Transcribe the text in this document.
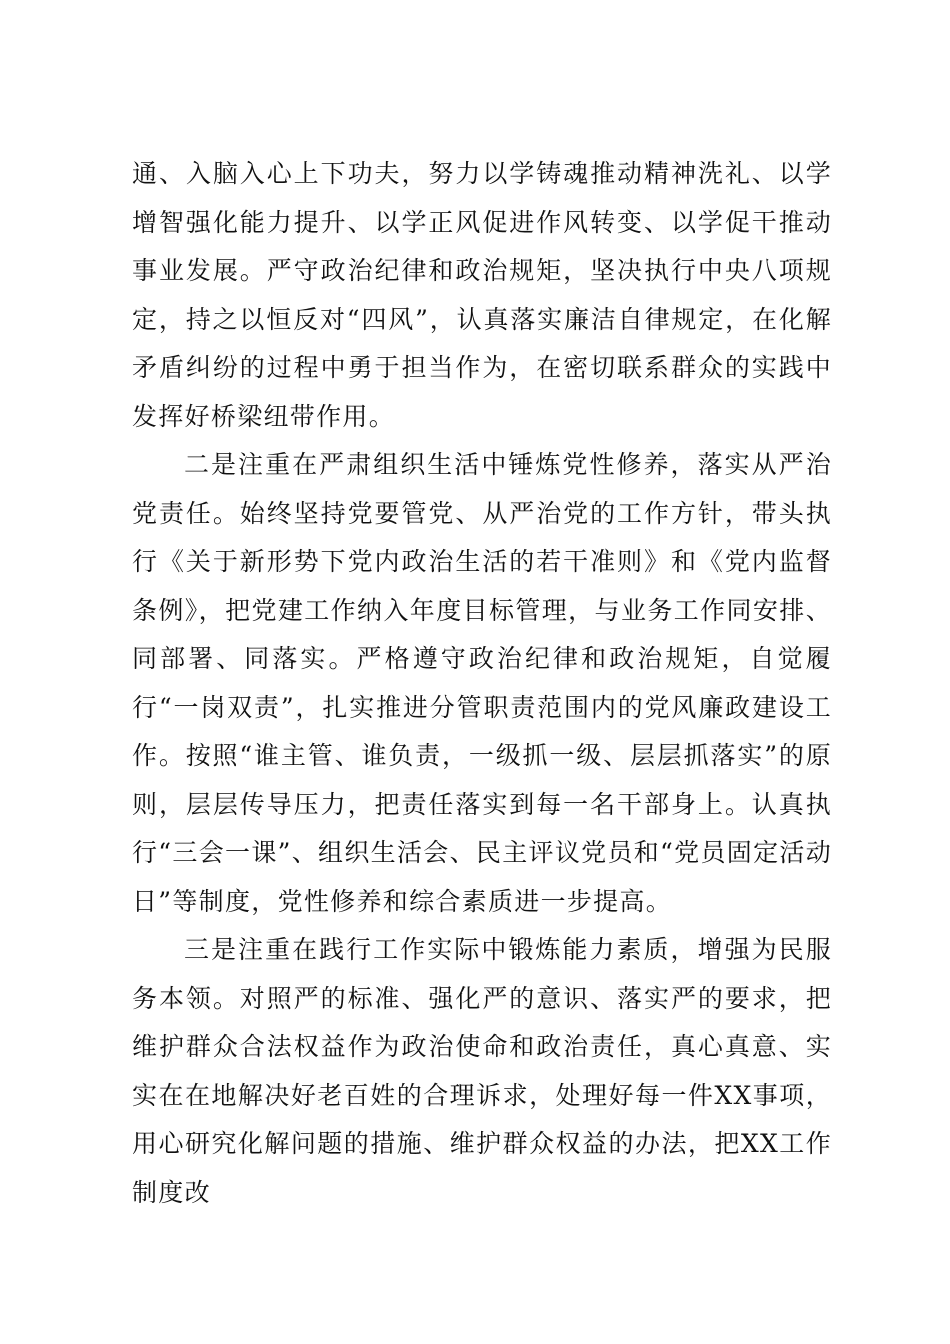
通、入脑入心上下功夫，努力以学铸魂推动精神洗礼、以学增智强化能力提升、以学正风促进作风转变、以学促干推动事业发展。严守政治纪律和政治规矩，坚决执行中央八项规定，持之以恒反对“四风”，认真落实廉洁自律规定，在化解矛盾纠纷的过程中勇于担当作为，在密切联系群众的实践中发挥好桥梁纽带作用。

二是注重在严肃组织生活中锤炼党性修养，落实从严治党责任。始终坚持党要管党、从严治党的工作方针，带头执行《关于新形势下党内政治生活的若干准则》和《党内监督条例》，把党建工作纳入年度目标管理，与业务工作同安排、同部署、同落实。严格遵守政治纪律和政治规矩，自觉履行“一岗双责”，扎实推进分管职责范围内的党风廉政建设工作。按照“谁主管、谁负责，一级抓一级、层层抓落实”的原则，层层传导压力，把责任落实到每一名干部身上。认真执行“三会一课”、组织生活会、民主评议党员和“党员固定活动日”等制度，党性修养和综合素质进一步提高。

三是注重在践行工作实际中锻炼能力素质，增强为民服务本领。对照严的标准、强化严的意识、落实严的要求，把维护群众合法权益作为政治使命和政治责任，真心真意、实实在在地解决好老百姓的合理诉求，处理好每一件XX事项，用心研究化解问题的措施、维护群众权益的办法，把XX工作制度改
